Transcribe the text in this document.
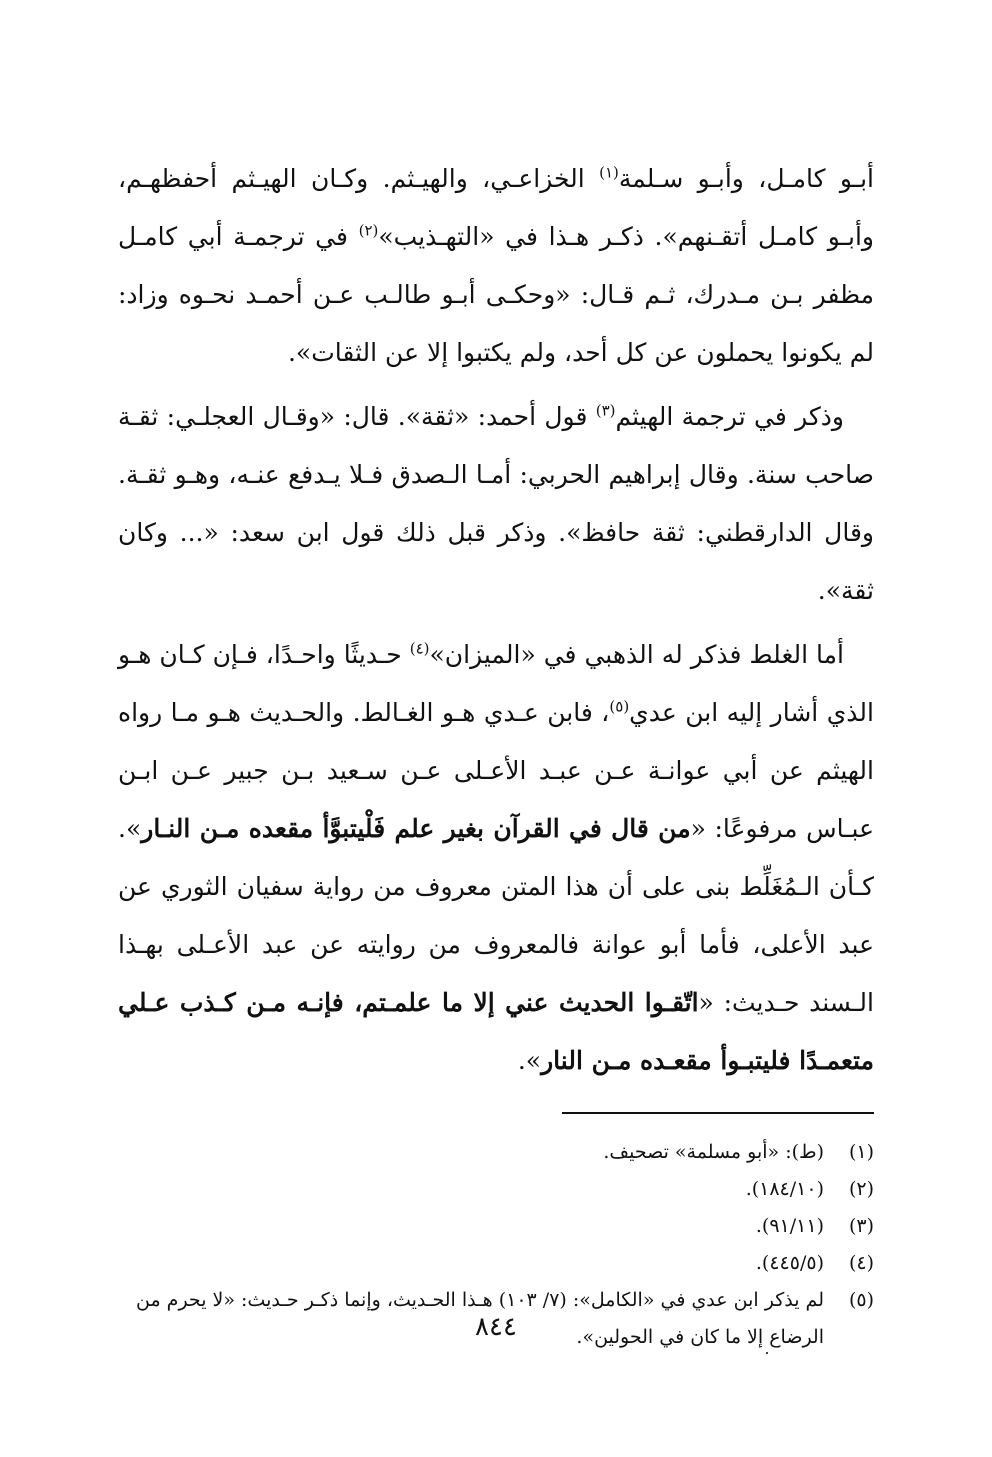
أبـو كامـل، وأبـو سـلمة$^{(١)}$ الخزاعـي، والهيـثم. وكـان الهيـثم أحفظهـم، وأبـو كامـل أتقـنهم». ذكـر هـذا في «التهـذيب»$^{(٢)}$ في ترجمـة أبي كامـل مظفر بـن مـدرك، ثـم قـال: «وحكـى أبـو طالـب عـن أحمـد نحـوه وزاد: لم يكونوا يحملون عن كل أحد، ولم يكتبوا إلا عن الثقات».

وذكر في ترجمة الهيثم$^{(٣)}$ قول أحمد: «ثقة». قال: «وقـال العجلـي: ثقـة صاحب سنة. وقال إبراهيم الحربي: أمـا الـصدق فـلا يـدفع عنـه، وهـو ثقـة. وقال الدارقطني: ثقة حافظ». وذكر قبل ذلك قول ابن سعد: «... وكان ثقة».

أما الغلط فذكر له الذهبي في «الميزان»$^{(٤)}$ حـديثًا واحـدًا، فـإن كـان هـو الذي أشار إليه ابن عدي$^{(٥)}$، فابن عـدي هـو الغـالط. والحـديث هـو مـا رواه الهيثم عن أبي عوانـة عـن عبـد الأعـلى عـن سـعيد بـن جبير عـن ابـن عبـاس مرفوعًا: «من قال في القرآن بغير علم فَلْيتبوَّأ مقعده مـن النـار». كـأن الـمُغَلِّط بنى على أن هذا المتن معروف من رواية سفيان الثوري عن عبد الأعلى، فأما أبو عوانة فالمعروف من روايته عن عبد الأعـلى بهـذا الـسند حـديث: «اتّقـوا الحديث عني إلا ما علمـتم، فإنـه مـن كـذب عـلي متعمـدًا فليتبـوأ مقعـده مـن النار».

(١)
(ط): «أبو مسلمة» تصحيف.
(٢)
(١٨٤/١٠).
(٣)
(٩١/١١).
(٤)
(٤٤٥/٥).
(٥)
لم يذكر ابن عدي في «الكامل»: (٧/ ١٠٣) هـذا الحـديث، وإنما ذكـر حـديث: «لا يحرم من الرضاع إلا ما كان في الحولين».
٨٤٤
